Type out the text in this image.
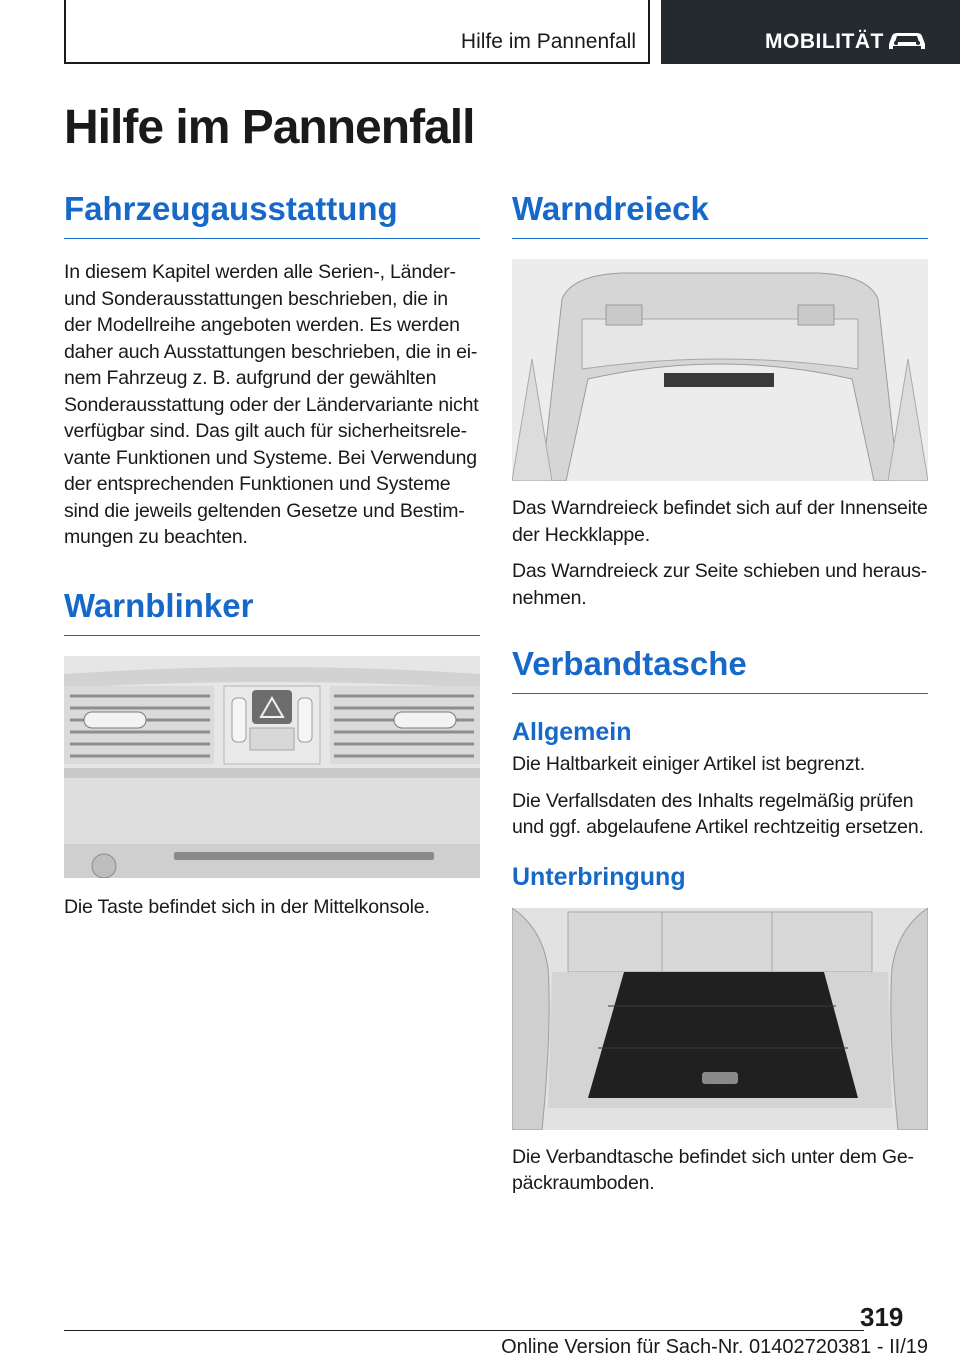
Hilfe im Pannenfall	MOBILITÄT
Hilfe im Pannenfall
Fahrzeugausstattung
In diesem Kapitel werden alle Serien-, Länder-
und Sonderausstattungen beschrieben, die in
der Modellreihe angeboten werden. Es werden
daher auch Ausstattungen beschrieben, die in ei-
nem Fahrzeug z. B. aufgrund der gewählten
Sonderausstattung oder der Ländervariante nicht
verfügbar sind. Das gilt auch für sicherheitsrele-
vante Funktionen und Systeme. Bei Verwendung
der entsprechenden Funktionen und Systeme
sind die jeweils geltenden Gesetze und Bestim-
mungen zu beachten.
Warnblinker
Die Taste befindet sich in der Mittelkonsole.
Warndreieck
Das Warndreieck befindet sich auf der Innenseite
der Heckklappe.
Das Warndreieck zur Seite schieben und heraus-
nehmen.
Verbandtasche
Allgemein
Die Haltbarkeit einiger Artikel ist begrenzt.
Die Verfallsdaten des Inhalts regelmäßig prüfen
und ggf. abgelaufene Artikel rechtzeitig ersetzen.
Unterbringung
Die Verbandtasche befindet sich unter dem Ge-
päckraumboden.
319
Online Version für Sach-Nr. 01402720381 - II/19
